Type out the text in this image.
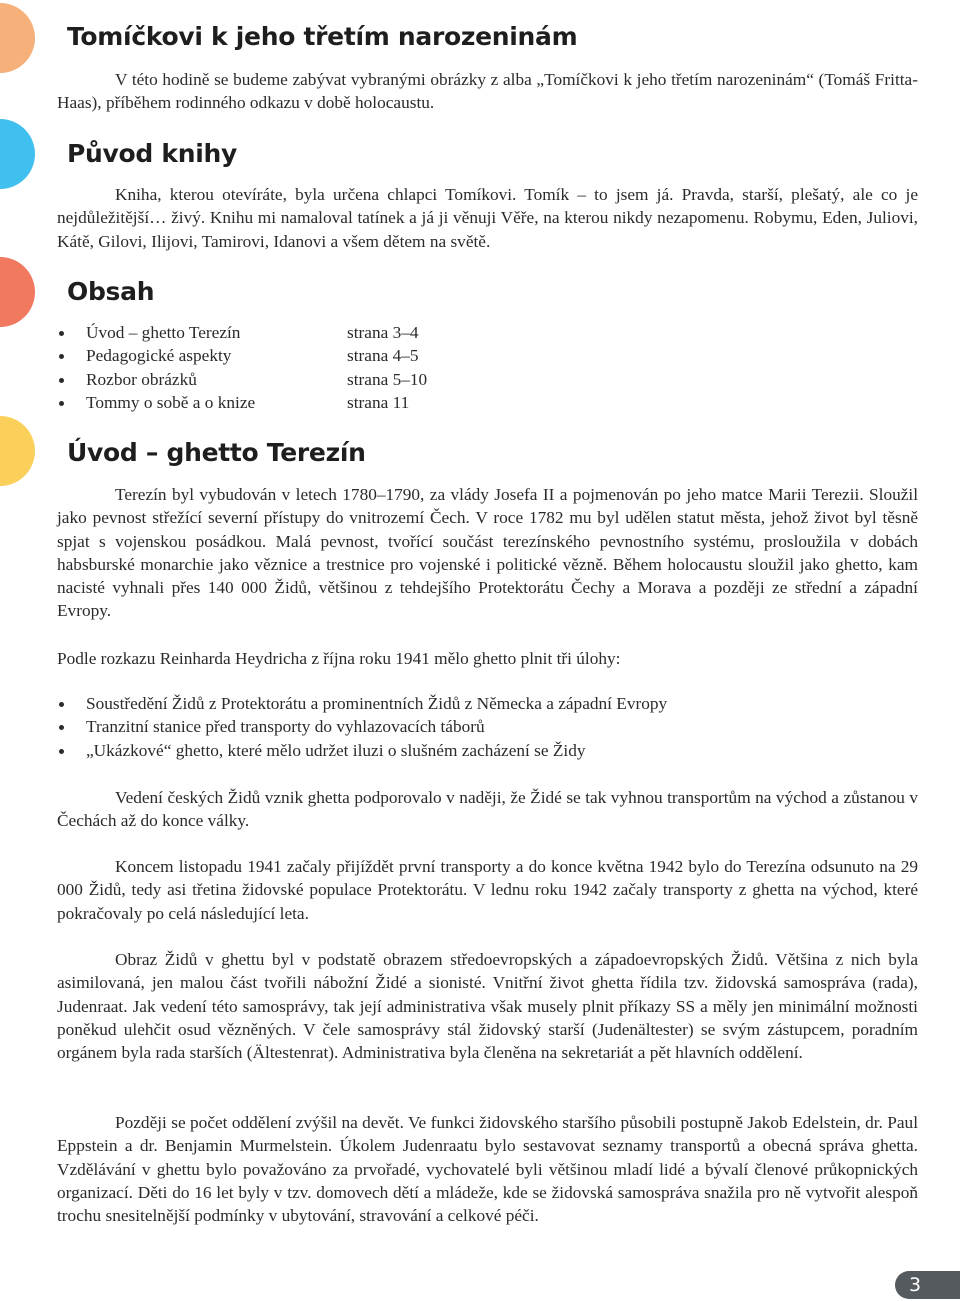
Tomíčkovi k jeho třetím narozeninám

V této hodině se budeme zabývat vybranými obrázky z alba „Tomíčkovi k jeho třetím narozeninám“ (Tomáš Fritta-Haas), příběhem rodinného odkazu v době holocaustu.

Původ knihy

Kniha, kterou otevíráte, byla určena chlapci Tomíkovi. Tomík – to jsem já. Pravda, starší, plešatý, ale co je nejdůležitější… živý. Knihu mi namaloval tatínek a já ji věnuji Věře, na kterou nikdy nezapomenu. Robymu, Eden, Juliovi, Kátě, Gilovi, Ilijovi, Tamirovi, Idanovi a všem dětem na světě.

Obsah
Úvod – ghetto Terezín	strana 3–4
Pedagogické aspekty	strana 4–5
Rozbor obrázků	strana 5–10
Tommy o sobě a o knize	strana 11
Úvod – ghetto Terezín

Terezín byl vybudován v letech 1780–1790, za vlády Josefa II a pojmenován po jeho matce Marii Terezii. Sloužil jako pevnost střežící severní přístupy do vnitrozemí Čech. V roce 1782 mu byl udělen statut města, jehož život byl těsně spjat s vojenskou posádkou. Malá pevnost, tvořící součást terezínského pevnostního systému, prosloužila v dobách habsburské monarchie jako věznice a trestnice pro vojenské i politické vězně. Během holocaustu sloužil jako ghetto, kam nacisté vyhnali přes 140 000 Židů, většinou z tehdejšího Protektorátu Čechy a Morava a později ze střední a západní Evropy.

Podle rozkazu Reinharda Heydricha z října roku 1941 mělo ghetto plnit tři úlohy:

Soustředění Židů z Protektorátu a prominentních Židů z Německa a západní Evropy
Tranzitní stanice před transporty do vyhlazovacích táborů
„Ukázkové“ ghetto, které mělo udržet iluzi o slušném zacházení se Židy

Vedení českých Židů vznik ghetta podporovalo v naději, že Židé se tak vyhnou transportům na východ a zůstanou v Čechách až do konce války.

Koncem listopadu 1941 začaly přijíždět první transporty a do konce května 1942 bylo do Terezína odsunuto na 29 000 Židů, tedy asi třetina židovské populace Protektorátu. V lednu roku 1942 začaly transporty z ghetta na východ, které pokračovaly po celá následující leta.

Obraz Židů v ghettu byl v podstatě obrazem středoevropských a západoevropských Židů. Většina z nich byla asimilovaná, jen malou část tvořili nábožní Židé a sionisté. Vnitřní život ghetta řídila tzv. židovská samospráva (rada), Judenraat. Jak vedení této samosprávy, tak její administrativa však musely plnit příkazy SS a měly jen minimální možnosti poněkud ulehčit osud vězněných. V čele samosprávy stál židovský starší (Judenältester) se svým zástupcem, poradním orgánem byla rada starších (Ältestenrat). Administrativa byla členěna na sekretariát a pět hlavních oddělení.

Později se počet oddělení zvýšil na devět. Ve funkci židovského staršího působili postupně Jakob Edelstein, dr. Paul Eppstein a dr. Benjamin Murmelstein. Úkolem Judenraatu bylo sestavovat seznamy transportů a obecná správa ghetta. Vzdělávání v ghettu bylo považováno za prvořadé, vychovatelé byli většinou mladí lidé a bývalí členové průkopnických organizací. Děti do 16 let byly v tzv. domovech dětí a mládeže, kde se židovská samospráva snažila pro ně vytvořit alespoň trochu snesitelnější podmínky v ubytování, stravování a celkové péči.

3
